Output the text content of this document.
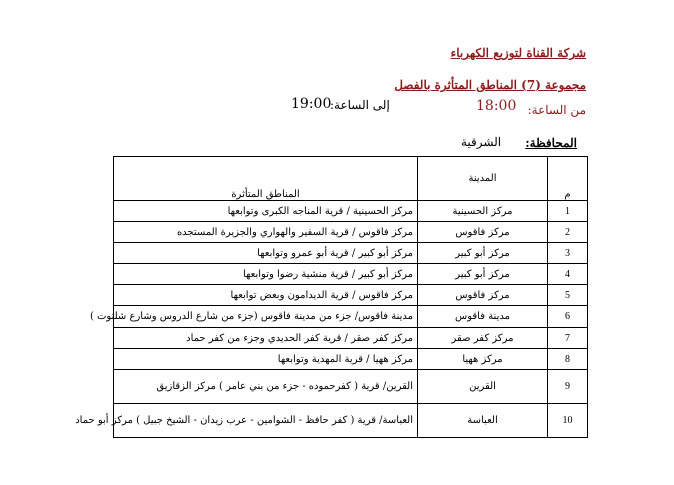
شركة القناة لتوزيع الكهرباء
مجموعة (7) المناطق المتأثرة بالفصل
من الساعة:
18:00
إلى الساعة:
19:00
المحافظة:
الشرقية
م	المدينة	المناطق المتأثرة
1	مركز الحسينية	مركز الحسينية / قرية المناجه الكبرى وتوابعها
2	مركز فاقوس	مركز فاقوس / قرية السفير والهواري والجزيرة المستجده
3	مركز أبو كبير	مركز أبو كبير / قرية أبو عمرو وتوابعها
4	مركز أبو كبير	مركز أبو كبير / قرية منشية رضوا وتوابعها
5	مركز فاقوس	مركز فاقوس / قرية الديدامون وبعض توابعها
6	مدينة فاقوس	مدينة فاقوس/ جزء من مدينة فاقوس (جزء من شارع الدروس وشارع شلتوت )
7	مركز كفر صقر	مركز كفر صقر / قرية كفر الحديدي وجزء من كفر حماد
8	مركز ههيا	مركز ههيا / قرية المهدية وتوابعها
9	القرين	القرين/ قرية ( كفرحموده - جزء من بني عامر ) مركز الزقازيق
10	العباسة	العباسة/ قرية ( كفر حافظ - الشوامين - عرب زيدان - الشيخ جبيل ) مركز أبو حماد
